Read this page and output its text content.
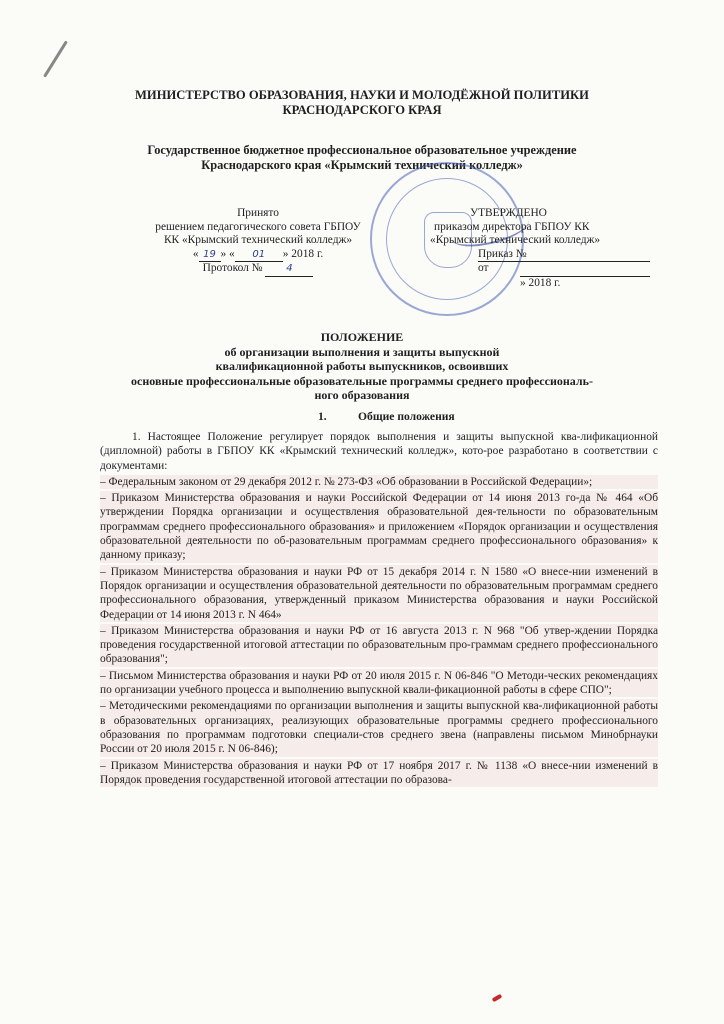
МИНИСТЕРСТВО ОБРАЗОВАНИЯ, НАУКИ И МОЛОДЁЖНОЙ ПОЛИТИКИ
КРАСНОДАРСКОГО КРАЯ
Государственное бюджетное профессиональное образовательное учреждение
Краснодарского края «Крымский технический колледж»
Принято
решением педагогического совета ГБПОУ
КК «Крымский технический колледж»
« 19 » « 01 » 2018 г.
Протокол № 4
УТВЕРЖДЕНО
приказом директора ГБПОУ КК
«Крымский технический колледж»
Приказ №
от
» 2018 г.
ПОЛОЖЕНИЕ
об организации выполнения и защиты выпускной
квалификационной работы выпускников, освоивших
основные профессиональные образовательные программы среднего профессиональ-
ного образования
1.	Общие положения

1. Настоящее Положение регулирует порядок выполнения и защиты выпускной ква-лификационной (дипломной) работы в ГБПОУ КК «Крымский технический колледж», кото-рое разработано в соответствии с документами:

– Федеральным законом от 29 декабря 2012 г. № 273-ФЗ «Об образовании в Российской Федерации»;

– Приказом Министерства образования и науки Российской Федерации от 14 июня 2013 го-да № 464 «Об утверждении Порядка организации и осуществления образовательной дея-тельности по образовательным программам среднего профессионального образования» и приложением «Порядок организации и осуществления образовательной деятельности по об-разовательным программам среднего профессионального образования» к данному приказу;

– Приказом Министерства образования и науки РФ от 15 декабря 2014 г. N 1580 «О внесе-нии изменений в Порядок организации и осуществления образовательной деятельности по образовательным программам среднего профессионального образования, утвержденный приказом Министерства образования и науки Российской Федерации от 14 июня 2013 г. N 464»

– Приказом Министерства образования и науки РФ от 16 августа 2013 г. N 968 "Об утвер-ждении Порядка проведения государственной итоговой аттестации по образовательным про-граммам среднего профессионального образования";

– Письмом Министерства образования и науки РФ от 20 июля 2015 г. N 06-846 "О Методи-ческих рекомендациях по организации учебного процесса и выполнению выпускной квали-фикационной работы в сфере СПО";

– Методическими рекомендациями по организации выполнения и защиты выпускной ква-лификационной работы в образовательных организациях, реализующих образовательные программы среднего профессионального образования по программам подготовки специали-стов среднего звена (направлены письмом Минобрнауки России от 20 июля 2015 г. N 06-846);

– Приказом Министерства образования и науки РФ от 17 ноября 2017 г. № 1138 «О внесе-нии изменений в Порядок проведения государственной итоговой аттестации по образова-
